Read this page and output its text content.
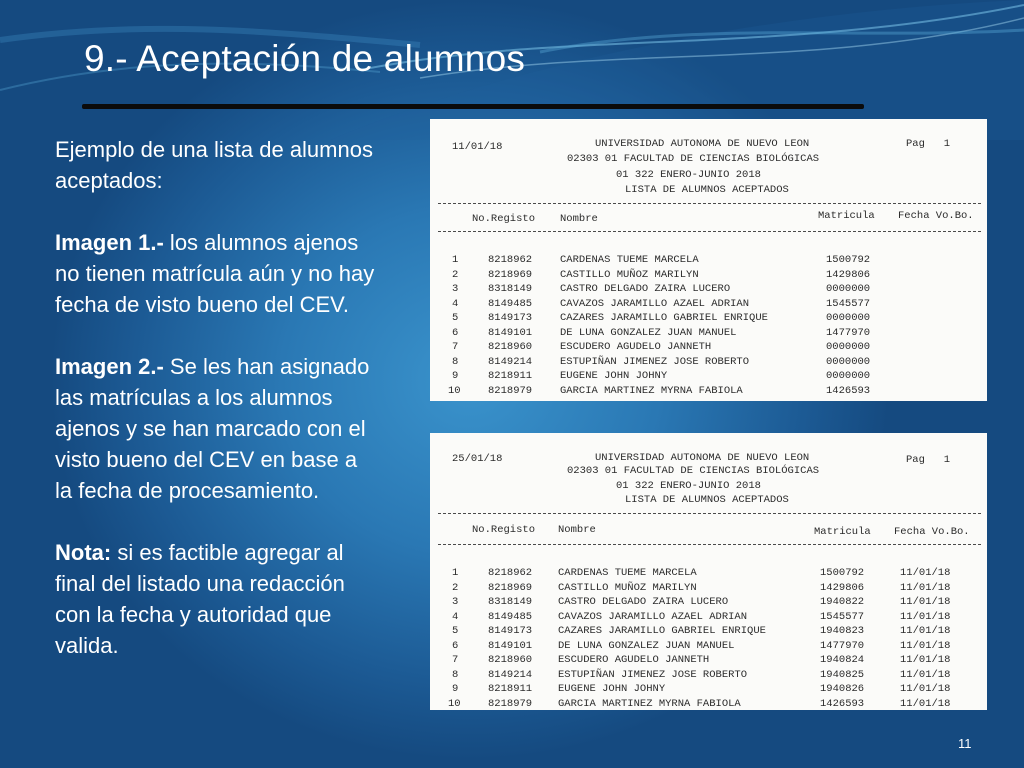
9.- Aceptación de alumnos

Ejemplo de una lista de alumnos aceptados:

Imagen 1.- los alumnos ajenos no tienen matrícula aún y no hay fecha de visto bueno del CEV.

Imagen 2.- Se les han asignado las matrículas a los alumnos ajenos y se han marcado con el visto bueno del CEV en base a la fecha de procesamiento.

Nota: si es factible agregar al final del listado una redacción con la fecha y autoridad que valida.

11/01/18	UNIVERSIDAD AUTONOMA DE NUEVO LEON	Pag   1
02303 01 FACULTAD DE CIENCIAS BIOLÓGICAS
01 322 ENERO-JUNIO 2018
LISTA DE ALUMNOS ACEPTADOS
No.Registo Nombre	Matricula Fecha Vo.Bo.
1	8218962	CARDENAS TUEME MARCELA	1500792
2	8218969	CASTILLO MUÑOZ MARILYN	1429806
3	8318149	CASTRO DELGADO ZAIRA LUCERO	0000000
4	8149485	CAVAZOS JARAMILLO AZAEL ADRIAN	1545577
5	8149173	CAZARES JARAMILLO GABRIEL ENRIQUE	0000000
6	8149101	DE LUNA GONZALEZ JUAN MANUEL	1477970
7	8218960	ESCUDERO AGUDELO JANNETH	0000000
8	8149214	ESTUPIÑAN JIMENEZ JOSE ROBERTO	0000000
9	8218911	EUGENE JOHN JOHNY	0000000
10	8218979	GARCIA MARTINEZ MYRNA FABIOLA	1426593
25/01/18	UNIVERSIDAD AUTONOMA DE NUEVO LEON	Pag   1
02303 01 FACULTAD DE CIENCIAS BIOLÓGICAS
01 322 ENERO-JUNIO 2018
LISTA DE ALUMNOS ACEPTADOS
No.Registo Nombre	Matricula Fecha Vo.Bo.
1	8218962 CARDENAS TUEME MARCELA	1500792	11/01/18
2	8218969 CASTILLO MUÑOZ MARILYN	1429806	11/01/18
3	8318149 CASTRO DELGADO ZAIRA LUCERO	1940822	11/01/18
4	8149485 CAVAZOS JARAMILLO AZAEL ADRIAN	1545577	11/01/18
5	8149173 CAZARES JARAMILLO GABRIEL ENRIQUE	1940823	11/01/18
6	8149101 DE LUNA GONZALEZ JUAN MANUEL	1477970	11/01/18
7	8218960 ESCUDERO AGUDELO JANNETH	1940824	11/01/18
8	8149214 ESTUPIÑAN JIMENEZ JOSE ROBERTO	1940825	11/01/18
9	8218911 EUGENE JOHN JOHNY	1940826	11/01/18
10	8218979 GARCIA MARTINEZ MYRNA FABIOLA	1426593	11/01/18
11
